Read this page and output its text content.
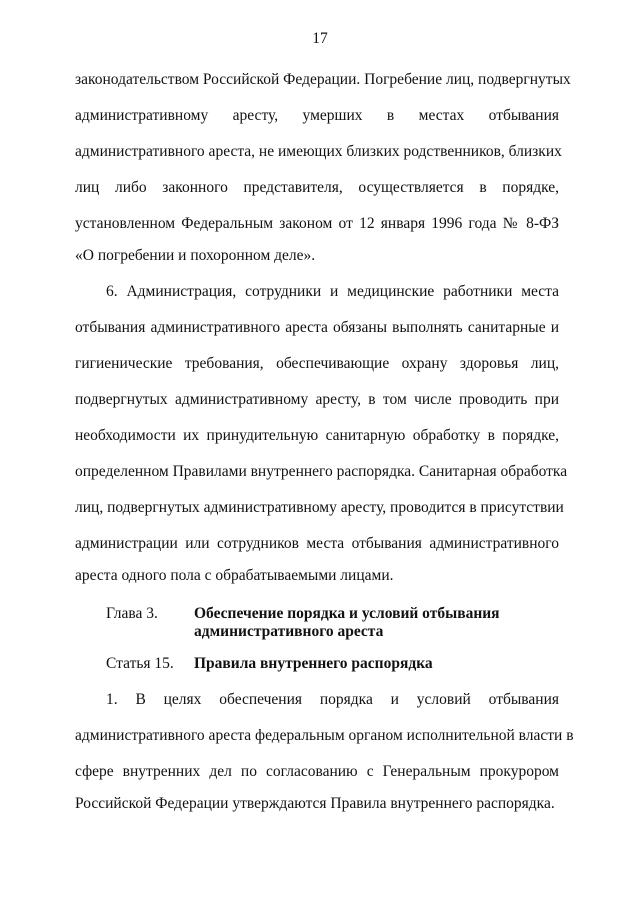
17
законодательством Российской Федерации. Погребение лиц, подвергнутых
административному аресту, умерших в местах отбывания
административного ареста, не имеющих близких родственников, близких
лиц либо законного представителя, осуществляется в порядке,
установленном Федеральным законом от 12 января 1996 года № 8-ФЗ
«О погребении и похоронном деле».
6. Администрация, сотрудники и медицинские работники места
отбывания административного ареста обязаны выполнять санитарные и
гигиенические требования, обеспечивающие охрану здоровья лиц,
подвергнутых административному аресту, в том числе проводить при
необходимости их принудительную санитарную обработку в порядке,
определенном Правилами внутреннего распорядка. Санитарная обработка
лиц, подвергнутых административному аресту, проводится в присутствии
администрации или сотрудников места отбывания административного
ареста одного пола с обрабатываемыми лицами.
Глава 3. Обеспечение порядка и условий отбывания
административного ареста
Статья 15. Правила внутреннего распорядка
1. В целях обеспечения порядка и условий отбывания
административного ареста федеральным органом исполнительной власти в
сфере внутренних дел по согласованию с Генеральным прокурором
Российской Федерации утверждаются Правила внутреннего распорядка.
